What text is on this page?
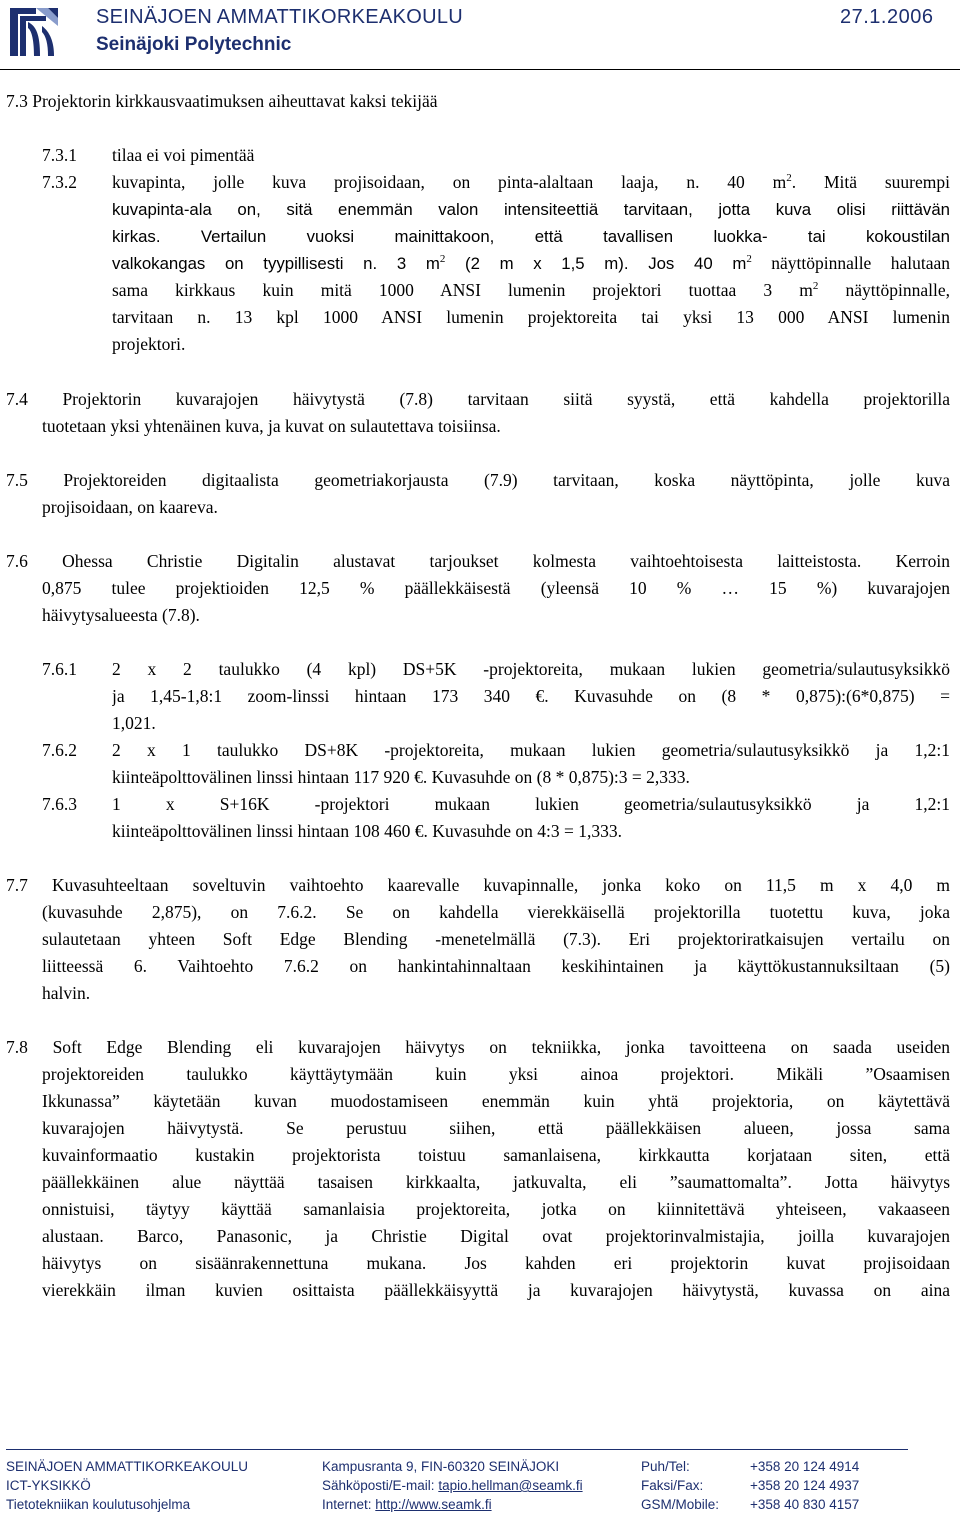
SEINÄJOEN AMMATTIKORKEAKOULU
Seinäjoki Polytechnic
27.1.2006
7.3 Projektorin kirkkausvaatimuksen aiheuttavat kaksi tekijää
7.3.1 tilaa ei voi pimentää
7.3.2 kuvapinta, jolle kuva projisoidaan, on pinta-alaltaan laaja, n. 40 $m^2$. Mitä suurempi
kuvapinta-ala on, sitä enemmän valon intensiteettiä tarvitaan, jotta kuva olisi riittävän
kirkas. Vertailun vuoksi mainittakoon, että tavallisen luokka- tai kokoustilan
valkokangas on tyypillisesti n. 3 $m^2$ (2 m x 1,5 m). Jos 40 $m^2$ näyttöpinnalle halutaan
sama kirkkaus kuin mitä 1000 ANSI lumenin projektori tuottaa 3 $m^2$ näyttöpinnalle,
tarvitaan n. 13 kpl 1000 ANSI lumenin projektoreita tai yksi 13 000 ANSI lumenin
projektori.
7.4 Projektorin kuvarajojen häivytystä (7.8) tarvitaan siitä syystä, että kahdella projektorilla
tuotetaan yksi yhtenäinen kuva, ja kuvat on sulautettava toisiinsa.
7.5 Projektoreiden digitaalista geometriakorjausta (7.9) tarvitaan, koska näyttöpinta, jolle kuva
projisoidaan, on kaareva.
7.6 Ohessa Christie Digitalin alustavat tarjoukset kolmesta vaihtoehtoisesta laitteistosta. Kerroin
0,875 tulee projektioiden 12,5 % päällekkäisestä (yleensä 10 % … 15 %) kuvarajojen
häivytysalueesta (7.8).
7.6.1 2 x 2 taulukko (4 kpl) DS+5K -projektoreita, mukaan lukien geometria/sulautusyksikkö
ja 1,45-1,8:1 zoom-linssi hintaan 173 340 €. Kuvasuhde on (8 * 0,875):(6*0,875) =
1,021.
7.6.2 2 x 1 taulukko DS+8K -projektoreita, mukaan lukien geometria/sulautusyksikkö ja 1,2:1
kiinteäpolttovälinen linssi hintaan 117 920 €. Kuvasuhde on (8 * 0,875):3 = 2,333.
7.6.3 1 x S+16K -projektori mukaan lukien geometria/sulautusyksikkö ja 1,2:1
kiinteäpolttovälinen linssi hintaan 108 460 €. Kuvasuhde on 4:3 = 1,333.
7.7 Kuvasuhteeltaan soveltuvin vaihtoehto kaarevalle kuvapinnalle, jonka koko on 11,5 m x 4,0 m
(kuvasuhde 2,875), on 7.6.2. Se on kahdella vierekkäisellä projektorilla tuotettu kuva, joka
sulautetaan yhteen Soft Edge Blending -menetelmällä (7.3). Eri projektoriratkaisujen vertailu on
liitteessä 6. Vaihtoehto 7.6.2 on hankintahinnaltaan keskihintainen ja käyttökustannuksiltaan (5)
halvin.
7.8 Soft Edge Blending eli kuvarajojen häivytys on tekniikka, jonka tavoitteena on saada useiden
projektoreiden taulukko käyttäytymään kuin yksi ainoa projektori. Mikäli ”Osaamisen
Ikkunassa” käytetään kuvan muodostamiseen enemmän kuin yhtä projektoria, on käytettävä
kuvarajojen häivytystä. Se perustuu siihen, että päällekkäisen alueen, jossa sama
kuvainformaatio kustakin projektorista toistuu samanlaisena, kirkkautta korjataan siten, että
päällekkäinen alue näyttää tasaisen kirkkaalta, jatkuvalta, eli ”saumattomalta”. Jotta häivytys
onnistuisi, täytyy käyttää samanlaisia projektoreita, jotka on kiinnitettävä yhteiseen, vakaaseen
alustaan. Barco, Panasonic, ja Christie Digital ovat projektorinvalmistajia, joilla kuvarajojen
häivytys on sisäänrakennettuna mukana. Jos kahden eri projektorin kuvat projisoidaan
vierekkäin ilman kuvien osittaista päällekkäisyyttä ja kuvarajojen häivytystä, kuvassa on aina
SEINÄJOEN AMMATTIKORKEAKOULU
ICT-YKSIKKÖ
Tietotekniikan koulutusohjelma
Kampusranta 9, FIN-60320 SEINÄJOKI
Sähköposti/E-mail: tapio.hellman@seamk.fi
Internet: http://www.seamk.fi
Puh/Tel:
Faksi/Fax:
GSM/Mobile:
+358 20 124 4914
+358 20 124 4937
+358 40 830 4157
